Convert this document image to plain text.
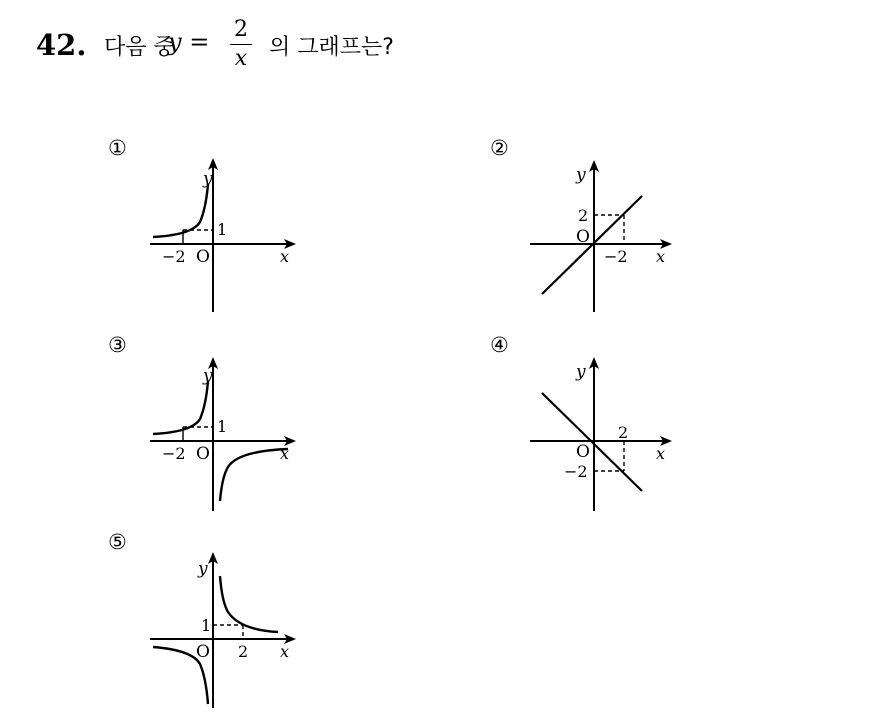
42. 다음 중
y = 2
x 의 그래프는?
①
y
x
O
−2
1
②
y
x
O
−2
2
③
y
x
O
−2
1
④
y
x
O
2
−2
⑤
y
x
O 2
1
